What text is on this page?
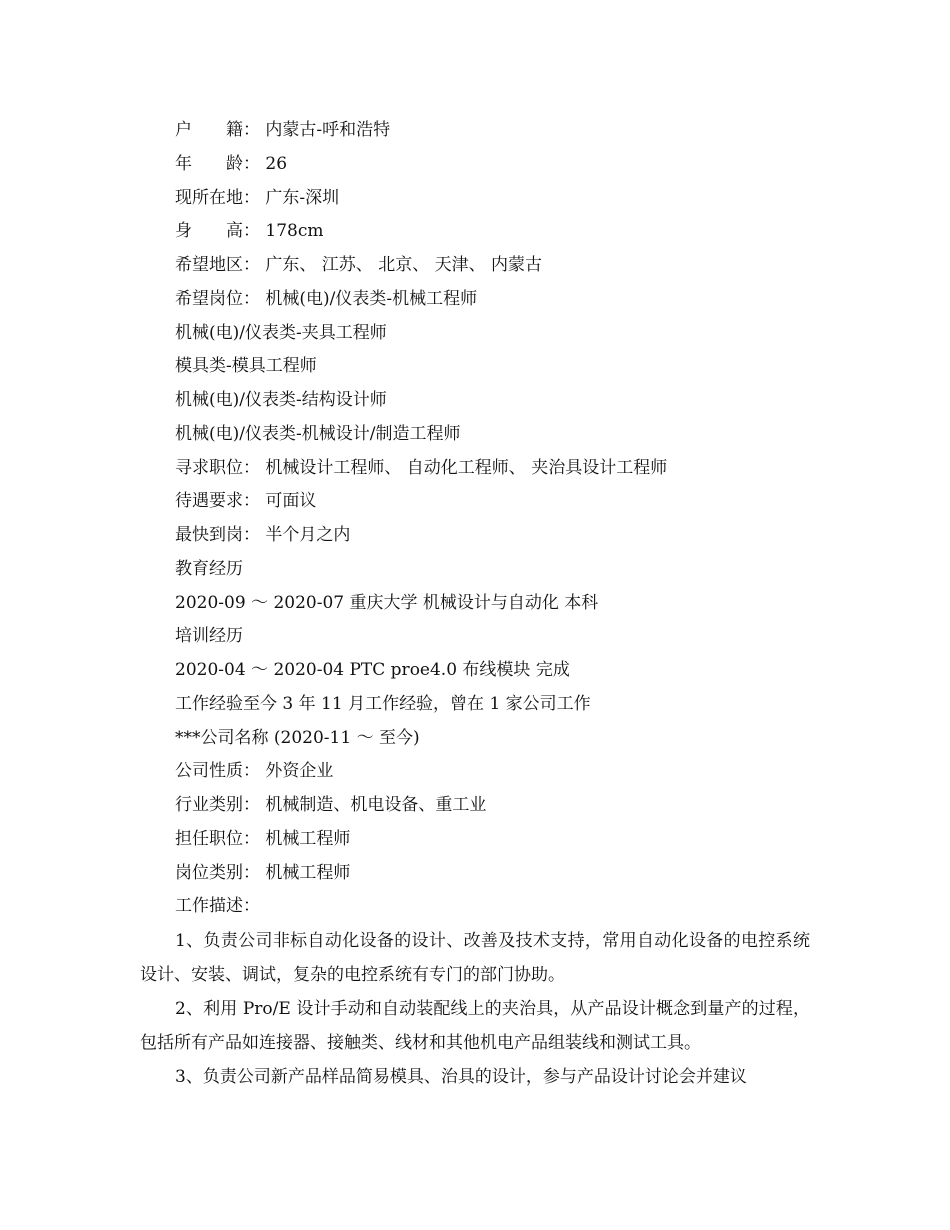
户　　籍： 内蒙古-呼和浩特
年　　龄： 26
现所在地： 广东-深圳
身　　高： 178cm
希望地区： 广东、 江苏、 北京、 天津、 内蒙古
希望岗位： 机械(电)/仪表类-机械工程师
机械(电)/仪表类-夹具工程师
模具类-模具工程师
机械(电)/仪表类-结构设计师
机械(电)/仪表类-机械设计/制造工程师
寻求职位： 机械设计工程师、 自动化工程师、 夹治具设计工程师
待遇要求： 可面议
最快到岗： 半个月之内
教育经历
2020-09 ～ 2020-07 重庆大学 机械设计与自动化 本科
培训经历
2020-04 ～ 2020-04 PTC proe4.0 布线模块 完成
工作经验至今 3 年 11 月工作经验，曾在 1 家公司工作
***公司名称 (2020-11 ～ 至今)
公司性质： 外资企业
行业类别： 机械制造、机电设备、重工业
担任职位： 机械工程师
岗位类别： 机械工程师
工作描述：

1、负责公司非标自动化设备的设计、改善及技术支持，常用自动化设备的电控系统设计、安装、调试，复杂的电控系统有专门的部门协助。

2、利用 Pro/E 设计手动和自动装配线上的夹治具，从产品设计概念到量产的过程，包括所有产品如连接器、接触类、线材和其他机电产品组装线和测试工具。

3、负责公司新产品样品简易模具、治具的设计，参与产品设计讨论会并建议
